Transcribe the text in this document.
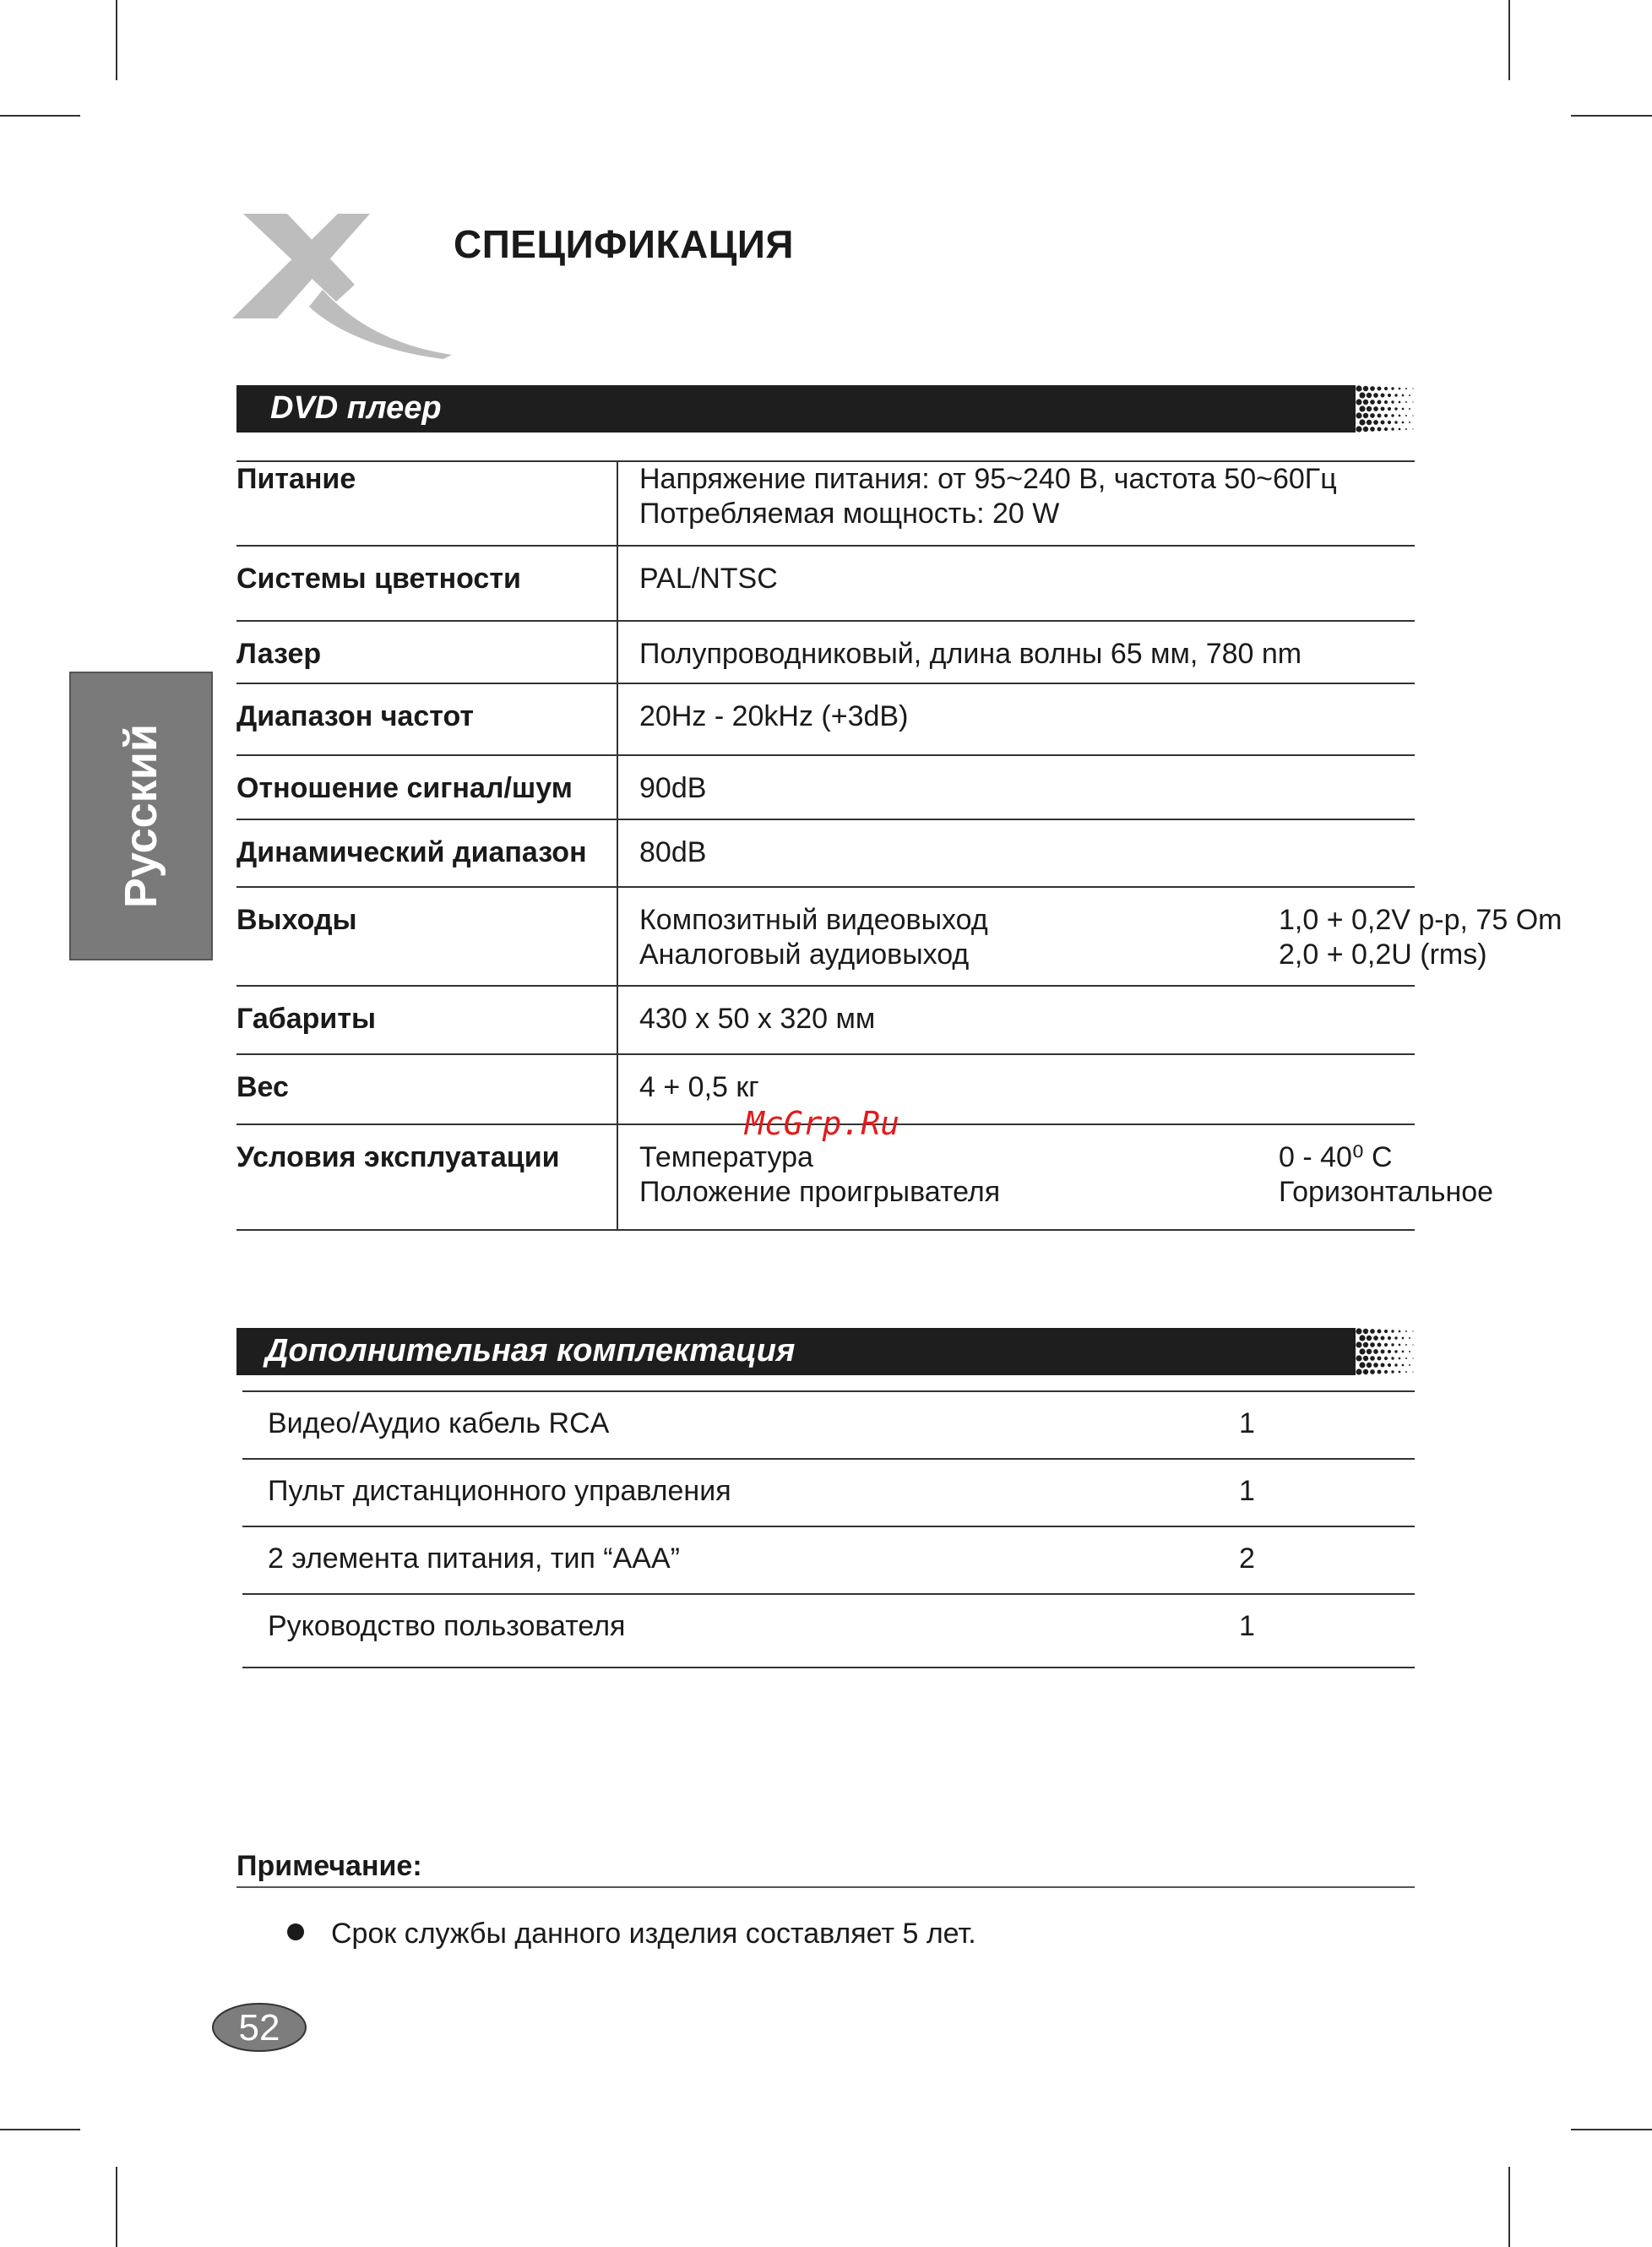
СПЕЦИФИКАЦИЯ
Русский
DVD плеер
Питание	Напряжение питания: от 95~240 В, частота 50~60Гц
Потребляемая мощность: 20 W
Системы цветности	PAL/NTSC
Лазер	Полупроводниковый, длина волны 65 мм, 780 nm
Диапазон частот	20Hz - 20kHz (+3dB)
Отношение сигнал/шум 90dB
Динамический диапазон 80dB
Выходы	Композитный видеовыход	1,0 + 0,2V p-p, 75 Om
Аналоговый аудиовыход	2,0 + 0,2U (rms)
Габариты	430 x 50 x 320 мм
Вес	4 + 0,5 кг
Условия эксплуатации	Температура	0 - 40⁰ С
Положение проигрывателя	Горизонтальное
McGrp.Ru
Дополнительная комплектация
Видео/Аудио кабель RCA	1
Пульт дистанционного управления	1
2 элемента питания, тип “AAA”	2
Руководство пользователя	1
Примечание:
Срок службы данного изделия составляет 5 лет.
52
